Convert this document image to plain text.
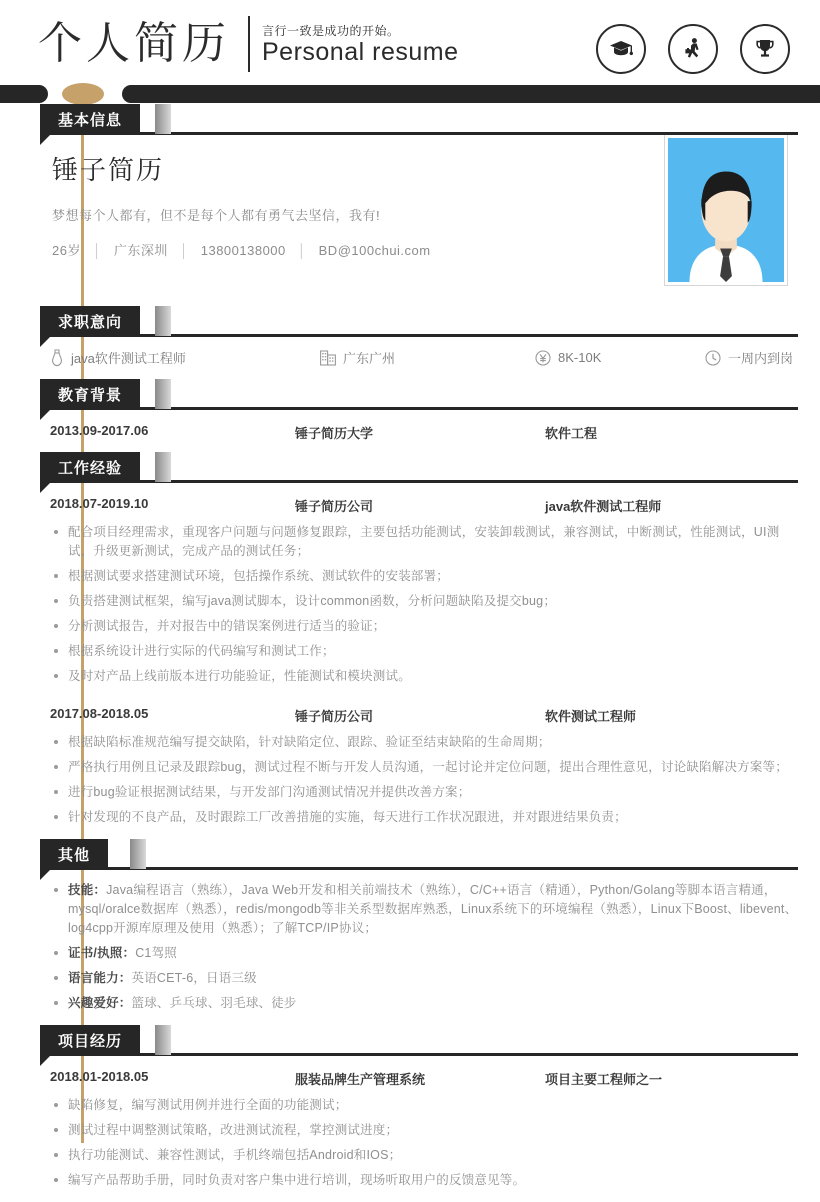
个人简历	言行一致是成功的开始。
Personal resume
基本信息
锤子简历
梦想每个人都有，但不是每个人都有勇气去坚信，我有!
26岁 │ 广东深圳 │ 13800138000 │ BD@100chui.com
求职意向
java软件测试工程师	广东广州	8K-10K	一周内到岗
教育背景
2013.09-2017.06	锤子简历大学	软件工程
工作经验
2018.07-2019.10	锤子简历公司	java软件测试工程师
配合项目经理需求，重现客户问题与问题修复跟踪，主要包括功能测试，安装卸载测试，兼容测试，中断测试，性能测试，UI测试，升级更新测试，完成产品的测试任务；
根据测试要求搭建测试环境，包括操作系统、测试软件的安装部署；
负责搭建测试框架，编写java测试脚本，设计common函数，分析问题缺陷及提交bug；
分析测试报告，并对报告中的错误案例进行适当的验证；
根据系统设计进行实际的代码编写和测试工作；
及时对产品上线前版本进行功能验证，性能测试和模块测试。
2017.08-2018.05	锤子简历公司	软件测试工程师
根据缺陷标准规范编写提交缺陷，针对缺陷定位、跟踪、验证至结束缺陷的生命周期；
严格执行用例且记录及跟踪bug，测试过程不断与开发人员沟通，一起讨论并定位问题，提出合理性意见，讨论缺陷解决方案等；
进行bug验证根据测试结果，与开发部门沟通测试情况并提供改善方案；
针对发现的不良产品，及时跟踪工厂改善措施的实施，每天进行工作状况跟进，并对跟进结果负责；
其他
技能：Java编程语言（熟练），Java Web开发和相关前端技术（熟练），C/C++语言（精通），Python/Golang等脚本语言精通，mysql/oralce数据库（熟悉），redis/mongodb等非关系型数据库熟悉，Linux系统下的环境编程（熟悉），Linux下Boost、libevent、log4cpp开源库原理及使用（熟悉）；了解TCP/IP协议；
证书/执照：C1驾照
语言能力：英语CET-6，日语三级
兴趣爱好：篮球、乒乓球、羽毛球、徒步
项目经历
2018.01-2018.05	服装品牌生产管理系统	项目主要工程师之一
缺陷修复，编写测试用例并进行全面的功能测试；
测试过程中调整测试策略，改进测试流程，掌控测试进度；
执行功能测试、兼容性测试，手机终端包括Android和IOS；
编写产品帮助手册，同时负责对客户集中进行培训，现场听取用户的反馈意见等。
